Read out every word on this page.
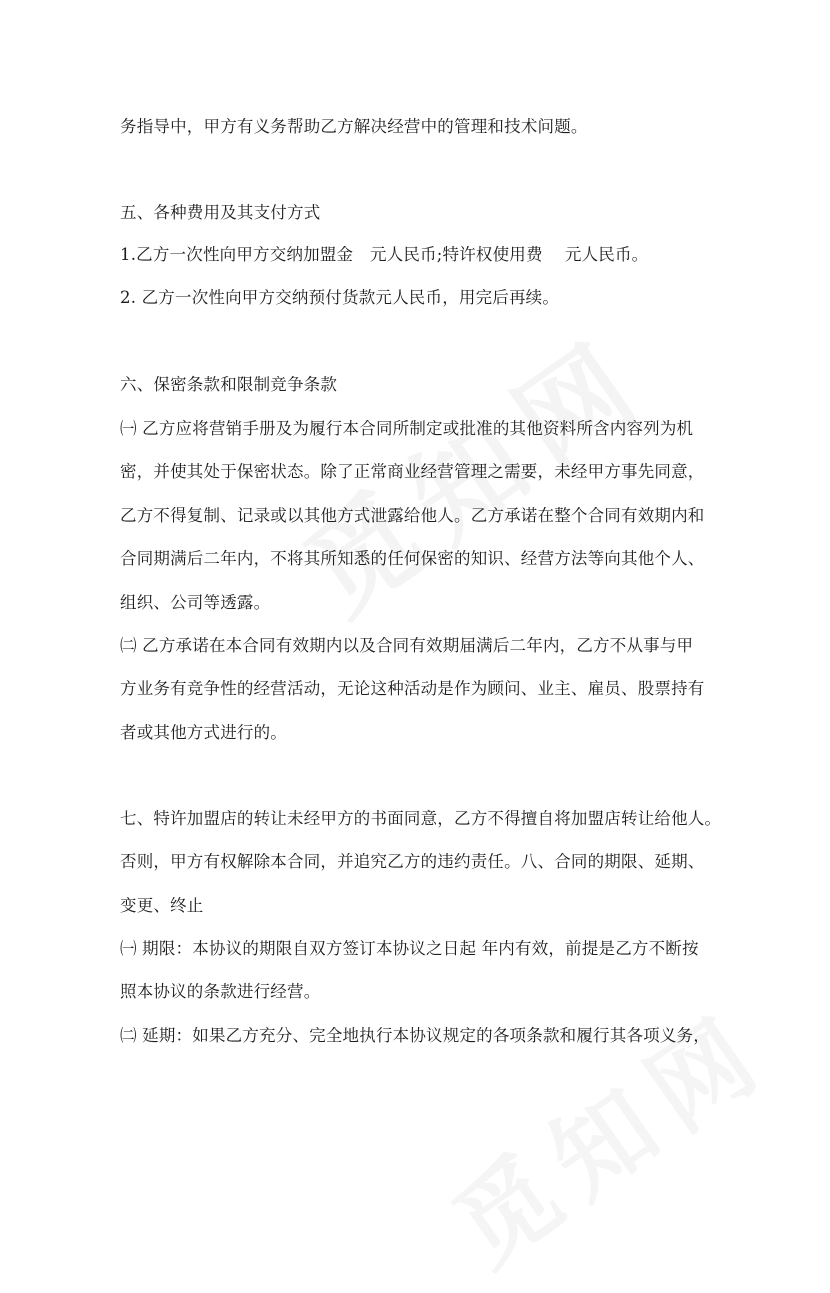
务指导中，甲方有义务帮助乙方解决经营中的管理和技术问题。
五、各种费用及其支付方式
1.乙方一次性向甲方交纳加盟金　元人民币;特许权使用费　 元人民币。
2. 乙方一次性向甲方交纳预付货款元人民币，用完后再续。
六、保密条款和限制竞争条款
㈠ 乙方应将营销手册及为履行本合同所制定或批准的其他资料所含内容列为机
密，并使其处于保密状态。除了正常商业经营管理之需要，未经甲方事先同意，
乙方不得复制、记录或以其他方式泄露给他人。乙方承诺在整个合同有效期内和
合同期满后二年内，不将其所知悉的任何保密的知识、经营方法等向其他个人、
组织、公司等透露。
㈡ 乙方承诺在本合同有效期内以及合同有效期届满后二年内，乙方不从事与甲
方业务有竞争性的经营活动，无论这种活动是作为顾问、业主、雇员、股票持有
者或其他方式进行的。
七、特许加盟店的转让未经甲方的书面同意，乙方不得擅自将加盟店转让给他人。
否则，甲方有权解除本合同，并追究乙方的违约责任。八、合同的期限、延期、
变更、终止
㈠ 期限：本协议的期限自双方签订本协议之日起 年内有效，前提是乙方不断按
照本协议的条款进行经营。
㈡ 延期：如果乙方充分、完全地执行本协议规定的各项条款和履行其各项义务，
